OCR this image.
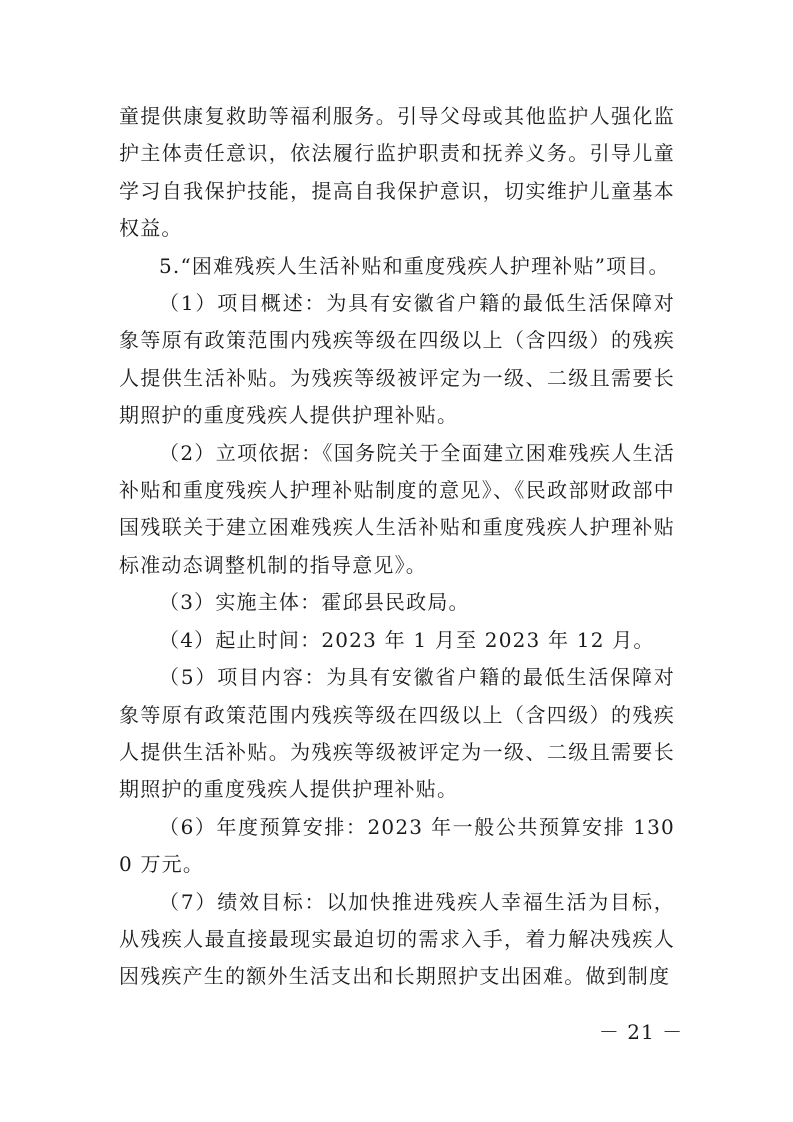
童提供康复救助等福利服务。引导父母或其他监护人强化监护主体责任意识，依法履行监护职责和抚养义务。引导儿童学习自我保护技能，提高自我保护意识，切实维护儿童基本权益。

5.“困难残疾人生活补贴和重度残疾人护理补贴”项目。

（1）项目概述：为具有安徽省户籍的最低生活保障对象等原有政策范围内残疾等级在四级以上（含四级）的残疾人提供生活补贴。为残疾等级被评定为一级、二级且需要长期照护的重度残疾人提供护理补贴。

（2）立项依据：《国务院关于全面建立困难残疾人生活补贴和重度残疾人护理补贴制度的意见》、《民政部财政部中国残联关于建立困难残疾人生活补贴和重度残疾人护理补贴标准动态调整机制的指导意见》。

（3）实施主体：霍邱县民政局。

（4）起止时间：2023 年 1 月至 2023 年 12 月。

（5）项目内容：为具有安徽省户籍的最低生活保障对象等原有政策范围内残疾等级在四级以上（含四级）的残疾人提供生活补贴。为残疾等级被评定为一级、二级且需要长期照护的重度残疾人提供护理补贴。

（6）年度预算安排：2023 年一般公共预算安排 1300 万元。

（7）绩效目标：以加快推进残疾人幸福生活为目标，从残疾人最直接最现实最迫切的需求入手，着力解决残疾人因残疾产生的额外生活支出和长期照护支出困难。做到制度

－ 21 －
